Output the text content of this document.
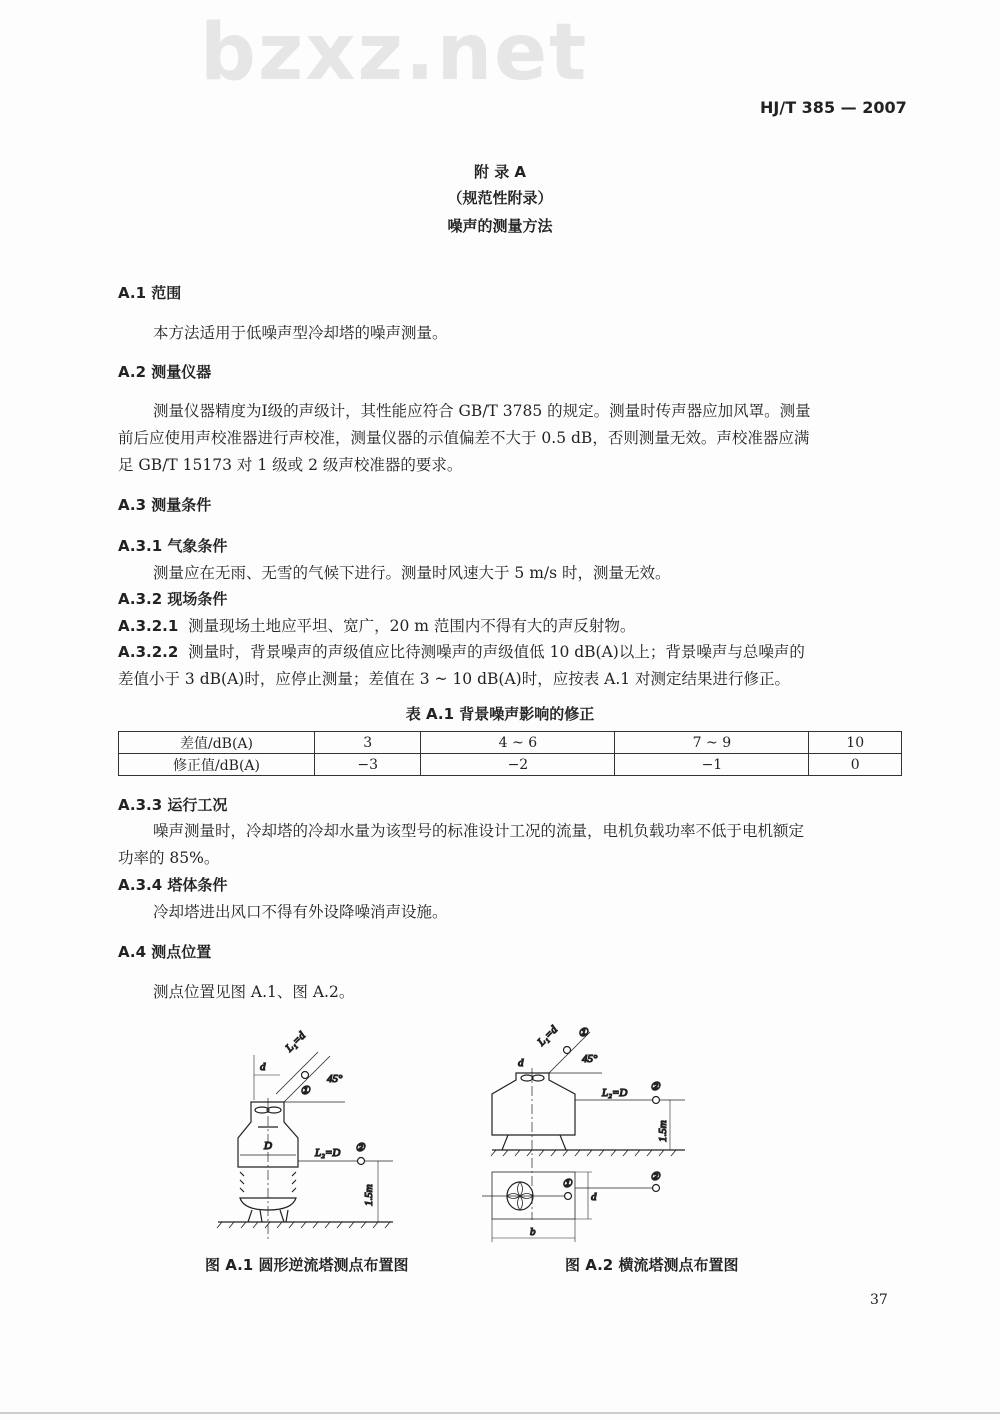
bzxz.net
HJ/T 385 — 2007
附 录 A
（规范性附录）
噪声的测量方法
A.1 范围
本方法适用于低噪声型冷却塔的噪声测量。
A.2 测量仪器
测量仪器精度为Ⅰ级的声级计，其性能应符合 GB/T 3785 的规定。测量时传声器应加风罩。测量
前后应使用声校准器进行声校准，测量仪器的示值偏差不大于 0.5 dB，否则测量无效。声校准器应满
足 GB/T 15173 对 1 级或 2 级声校准器的要求。
A.3 测量条件
A.3.1 气象条件
测量应在无雨、无雪的气候下进行。测量时风速大于 5 m/s 时，测量无效。
A.3.2 现场条件
A.3.2.1 测量现场土地应平坦、宽广，20 m 范围内不得有大的声反射物。
A.3.2.2 测量时，背景噪声的声级值应比待测噪声的声级值低 10 dB(A)以上；背景噪声与总噪声的
差值小于 3 dB(A)时，应停止测量；差值在 3 ~ 10 dB(A)时，应按表 A.1 对测定结果进行修正。
表 A.1 背景噪声影响的修正
差值/dB(A)	3	4 ~ 6	7 ~ 9	10
修正值/dB(A)	−3	−2	−1	0
A.3.3 运行工况
噪声测量时，冷却塔的冷却水量为该型号的标准设计工况的流量，电机负载功率不低于电机额定
功率的 85%。
A.3.4 塔体条件
冷却塔进出风口不得有外设降噪消声设施。
A.4 测点位置
测点位置见图 A.1、图 A.2。
d
L₁=d
45°
①
D
L₂=D ②
1.5m
d
L₁=d ①
45°
L₂=D ②
1.5m
①
②
d
b
图 A.1 圆形逆流塔测点布置图	图 A.2 横流塔测点布置图
37
